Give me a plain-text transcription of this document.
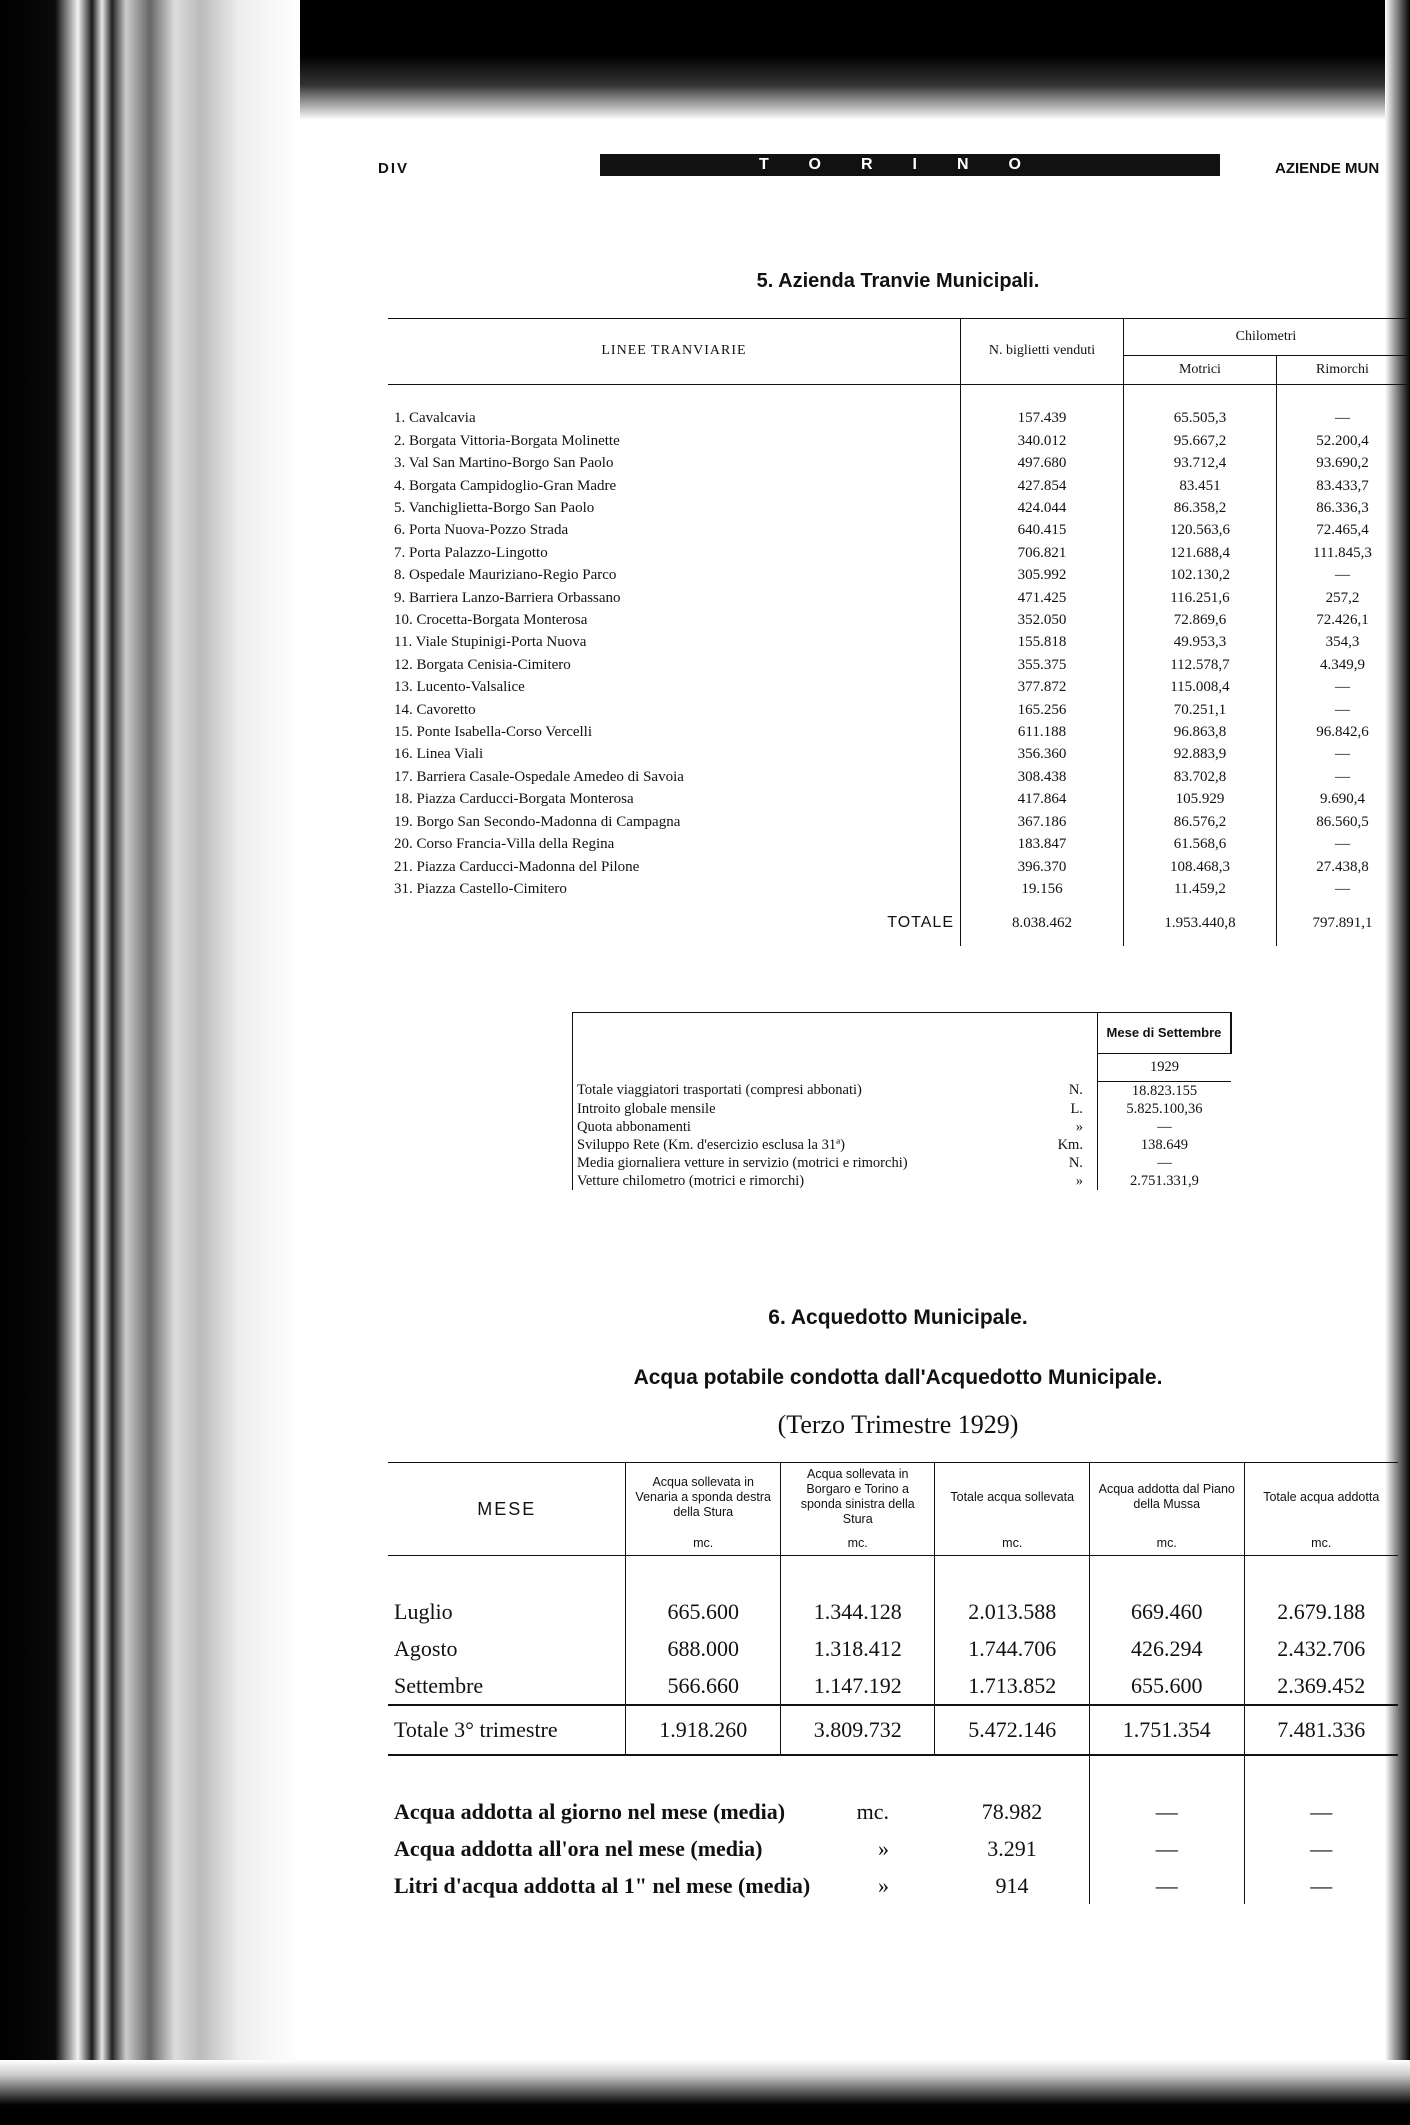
DIV	TORINO	AZIENDE MUN
5. Azienda Tranvie Municipali.
LINEE TRANVIARIE	N. biglietti venduti	Chilometri	
		Motrici	Rimorchi

1. Cavalcavia	157.439	65.505,3	—
2. Borgata Vittoria-Borgata Molinette	340.012	95.667,2	52.200,4
3. Val San Martino-Borgo San Paolo	497.680	93.712,4	93.690,2
4. Borgata Campidoglio-Gran Madre	427.854	83.451	83.433,7
5. Vanchiglietta-Borgo San Paolo	424.044	86.358,2	86.336,3
6. Porta Nuova-Pozzo Strada	640.415	120.563,6	72.465,4
7. Porta Palazzo-Lingotto	706.821	121.688,4	111.845,3
8. Ospedale Mauriziano-Regio Parco	305.992	102.130,2	—
9. Barriera Lanzo-Barriera Orbassano	471.425	116.251,6	257,2
10. Crocetta-Borgata Monterosa	352.050	72.869,6	72.426,1
11. Viale Stupinigi-Porta Nuova	155.818	49.953,3	354,3
12. Borgata Cenisia-Cimitero	355.375	112.578,7	4.349,9
13. Lucento-Valsalice	377.872	115.008,4	—
14. Cavoretto	165.256	70.251,1	—
15. Ponte Isabella-Corso Vercelli	611.188	96.863,8	96.842,6
16. Linea Viali	356.360	92.883,9	—
17. Barriera Casale-Ospedale Amedeo di Savoia	308.438	83.702,8	—
18. Piazza Carducci-Borgata Monterosa	417.864	105.929	9.690,4
19. Borgo San Secondo-Madonna di Campagna	367.186	86.576,2	86.560,5
20. Corso Francia-Villa della Regina	183.847	61.568,6	—
21. Piazza Carducci-Madonna del Pilone	396.370	108.468,3	27.438,8
31. Piazza Castello-Cimitero	19.156	11.459,2	—
TOTALE	8.038.462	1.953.440,8	797.891,1
	Mese di Settembre
	1929
Totale viaggiatori trasportati (compresi abbonati) N.	18.823.155
Introito globale mensile L.	5.825.100,36
Quota abbonamenti »	—
Sviluppo Rete (Km. d'esercizio esclusa la 31ª) Km.	138.649
Media giornaliera vetture in servizio (motrici e rimorchi) N.	—
Vetture chilometro (motrici e rimorchi) »	2.751.331,9
6. Acquedotto Municipale.
Acqua potabile condotta dall'Acquedotto Municipale.
(Terzo Trimestre 1929)
MESE	Acqua sollevata in Venaria a sponda destra della Stura	Acqua sollevata in Borgaro e Torino a sponda sinistra della Stura	Totale acqua sollevata	Acqua addotta dal Piano della Mussa	Totale acqua addotta
	mc.	mc.	mc.	mc.	mc.

Luglio	665.600	1.344.128	2.013.588	669.460	2.679.188
Agosto	688.000	1.318.412	1.744.706	426.294	2.432.706
Settembre	566.660	1.147.192	1.713.852	655.600	2.369.452
Totale 3° trimestre	1.918.260	3.809.732	5.472.146	1.751.354	7.481.336

Acqua addotta al giorno nel mese (media) mc.			78.982	—	—
Acqua addotta all'ora nel mese (media) »			3.291	—	—
Litri d'acqua addotta al 1" nel mese (media) »			914	—	—
